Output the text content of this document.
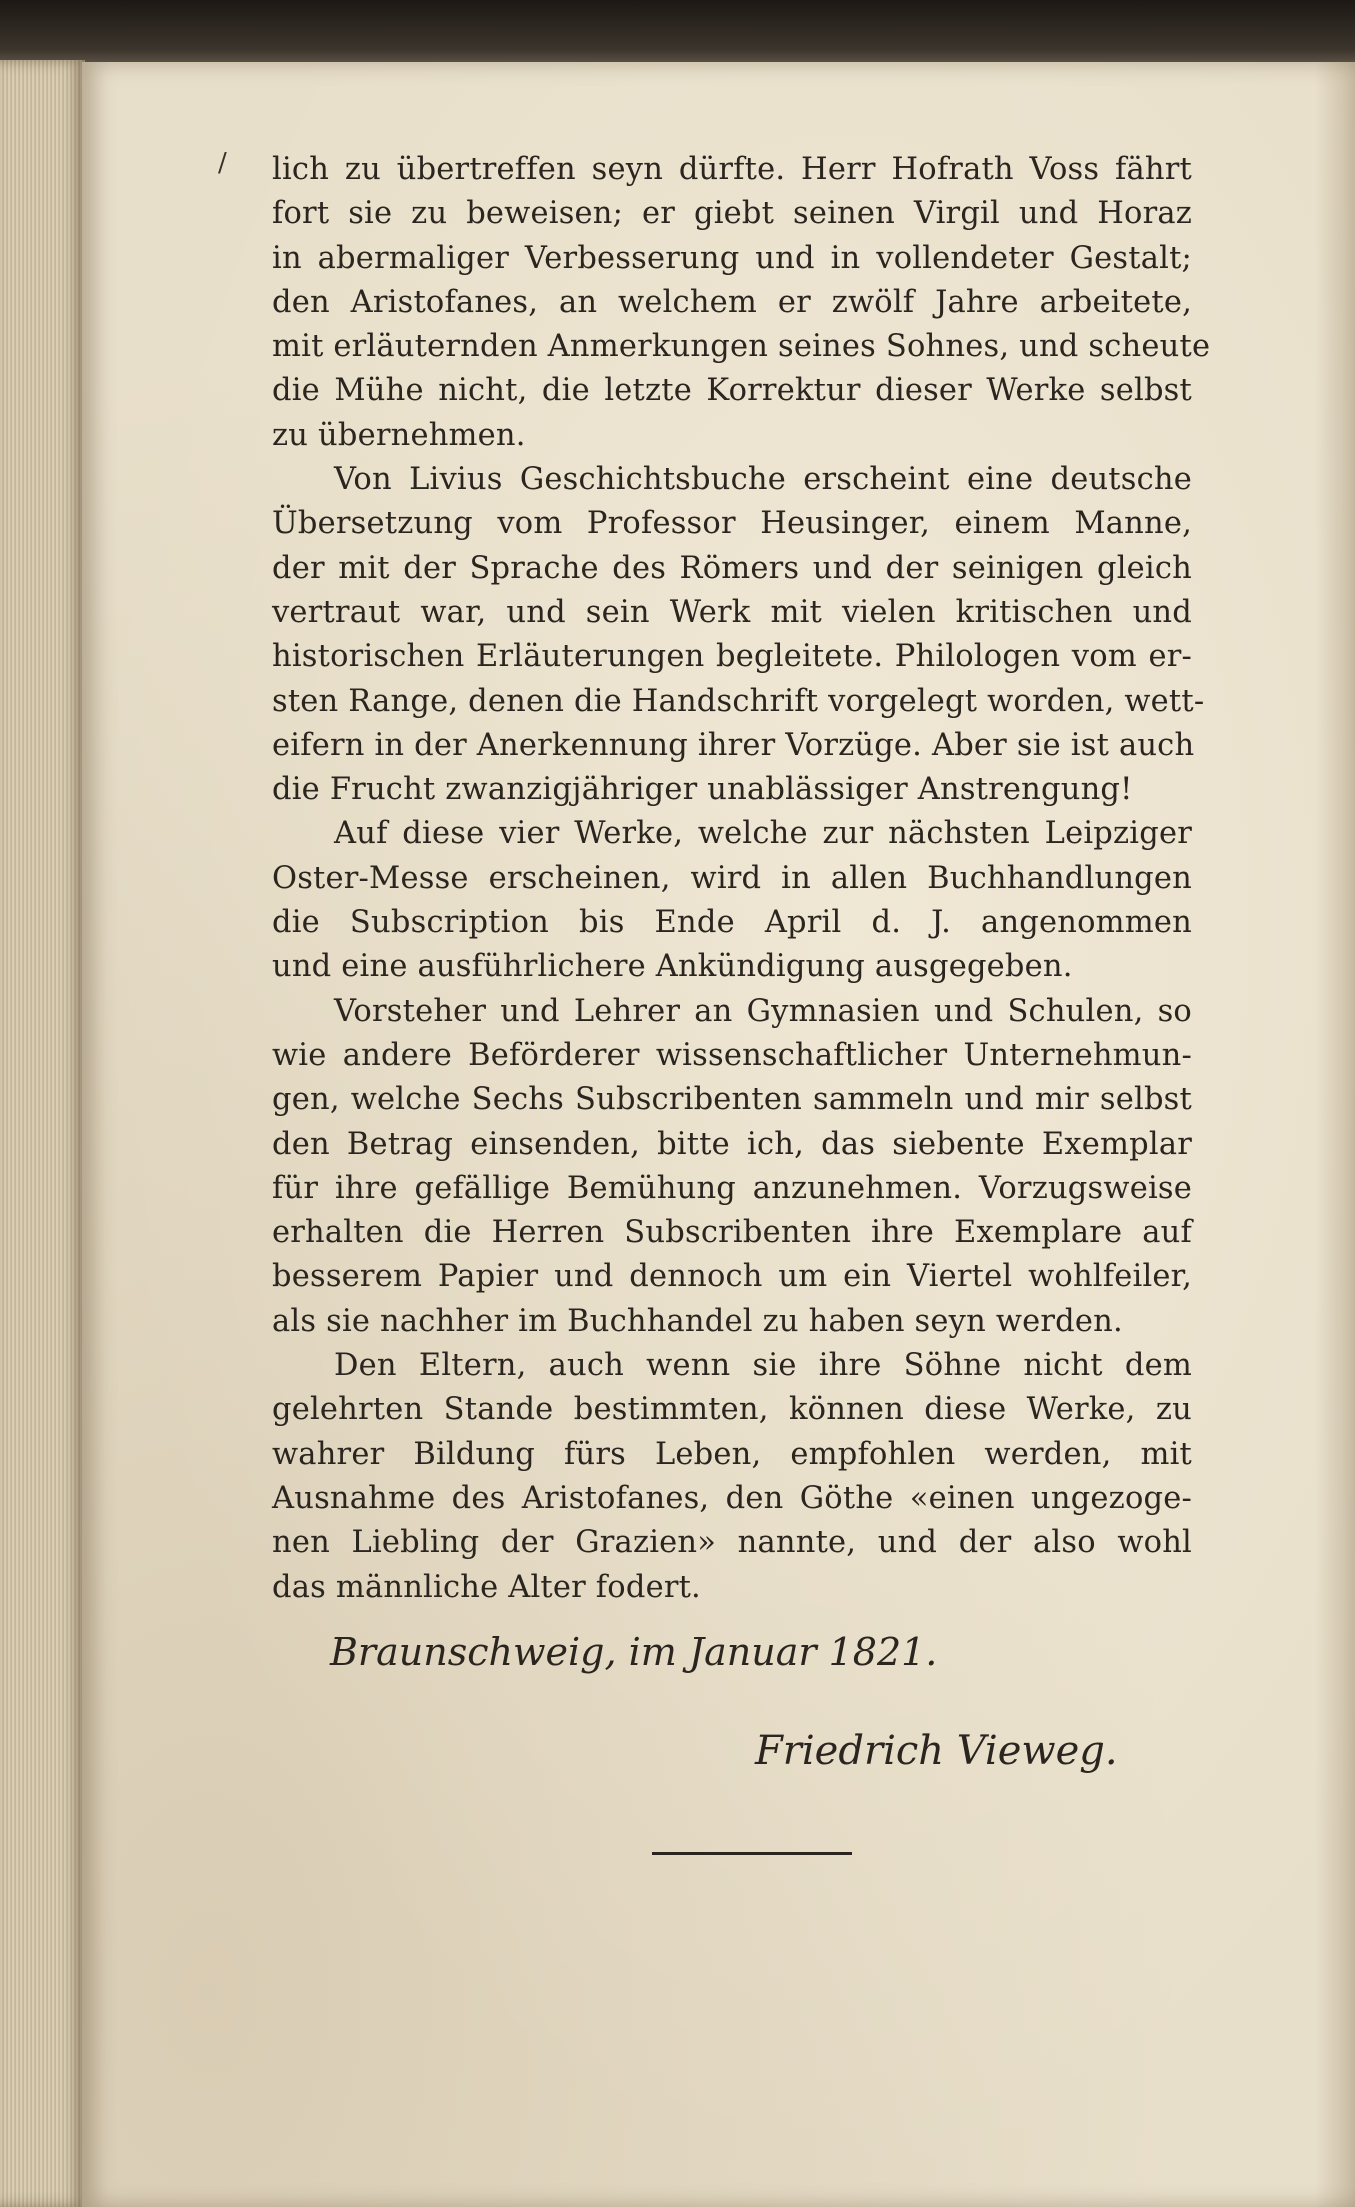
/ lich zu übertreffen seyn dürfte. Herr Hofrath Voss fährt
fort sie zu beweisen; er giebt seinen Virgil und Horaz
in abermaliger Verbesserung und in vollendeter Gestalt;
den Aristofanes, an welchem er zwölf Jahre arbeitete,
mit erläuternden Anmerkungen seines Sohnes, und scheute
die Mühe nicht, die letzte Korrektur dieser Werke selbst
zu übernehmen.
Von Livius Geschichtsbuche erscheint eine deutsche
Übersetzung vom Professor Heusinger, einem Manne,
der mit der Sprache des Römers und der seinigen gleich
vertraut war, und sein Werk mit vielen kritischen und
historischen Erläuterungen begleitete. Philologen vom er-
sten Range, denen die Handschrift vorgelegt worden, wett-
eifern in der Anerkennung ihrer Vorzüge. Aber sie ist auch
die Frucht zwanzigjähriger unablässiger Anstrengung!
Auf diese vier Werke, welche zur nächsten Leipziger
Oster-Messe erscheinen, wird in allen Buchhandlungen
die Subscription bis Ende April d. J. angenommen
und eine ausführlichere Ankündigung ausgegeben.
Vorsteher und Lehrer an Gymnasien und Schulen, so
wie andere Beförderer wissenschaftlicher Unternehmun-
gen, welche Sechs Subscribenten sammeln und mir selbst
den Betrag einsenden, bitte ich, das siebente Exemplar
für ihre gefällige Bemühung anzunehmen. Vorzugsweise
erhalten die Herren Subscribenten ihre Exemplare auf
besserem Papier und dennoch um ein Viertel wohlfeiler,
als sie nachher im Buchhandel zu haben seyn werden.
Den Eltern, auch wenn sie ihre Söhne nicht dem
gelehrten Stande bestimmten, können diese Werke, zu
wahrer Bildung fürs Leben, empfohlen werden, mit
Ausnahme des Aristofanes, den Göthe «einen ungezoge-
nen Liebling der Grazien» nannte, und der also wohl
das männliche Alter fodert.
Braunschweig, im Januar 1821.
Friedrich Vieweg.
